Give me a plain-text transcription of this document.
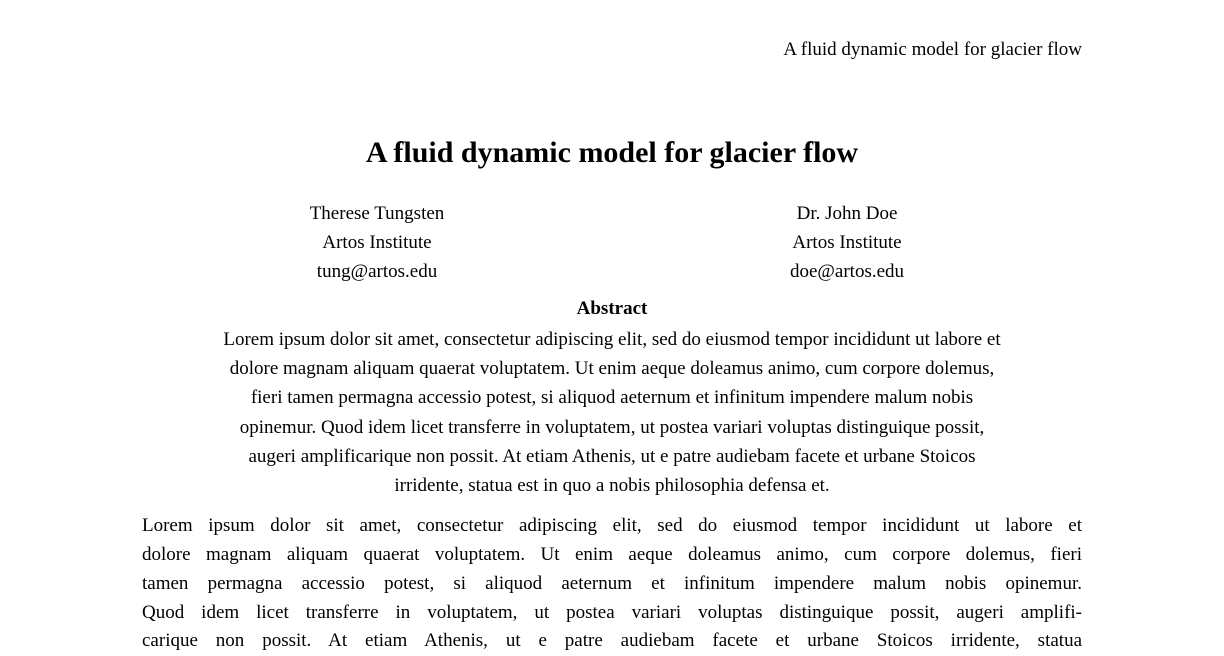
A fluid dynamic model for glacier flow
A fluid dynamic model for glacier flow
Therese Tungsten
Artos Institute
tung@artos.edu
Dr. John Doe
Artos Institute
doe@artos.edu
Abstract
Lorem ipsum dolor sit amet, consectetur adipiscing elit, sed do eiusmod tempor incididunt ut labore et
dolore magnam aliquam quaerat voluptatem. Ut enim aeque doleamus animo, cum corpore dolemus,
fieri tamen permagna accessio potest, si aliquod aeternum et infinitum impendere malum nobis
opinemur. Quod idem licet transferre in voluptatem, ut postea variari voluptas distinguique possit,
augeri amplificarique non possit. At etiam Athenis, ut e patre audiebam facete et urbane Stoicos
irridente, statua est in quo a nobis philosophia defensa et.
Lorem ipsum dolor sit amet, consectetur adipiscing elit, sed do eiusmod tempor incididunt ut labore et
dolore magnam aliquam quaerat voluptatem. Ut enim aeque doleamus animo, cum corpore dolemus, fieri
tamen permagna accessio potest, si aliquod aeternum et infinitum impendere malum nobis opinemur.
Quod idem licet transferre in voluptatem, ut postea variari voluptas distinguique possit, augeri amplifi-
carique non possit. At etiam Athenis, ut e patre audiebam facete et urbane Stoicos irridente, statua
